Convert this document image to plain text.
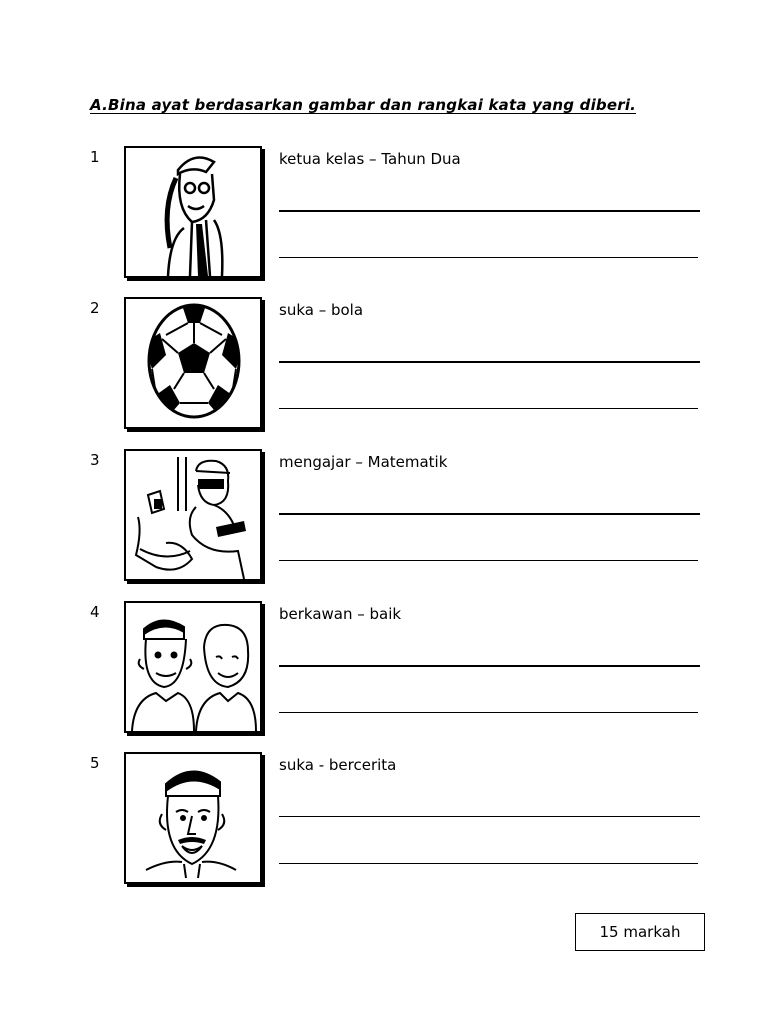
A.Bina ayat berdasarkan gambar dan rangkai kata yang diberi.
1	ketua kelas – Tahun Dua
2	suka – bola
3	mengajar – Matematik
4	berkawan – baik
5	suka - bercerita
15 markah
